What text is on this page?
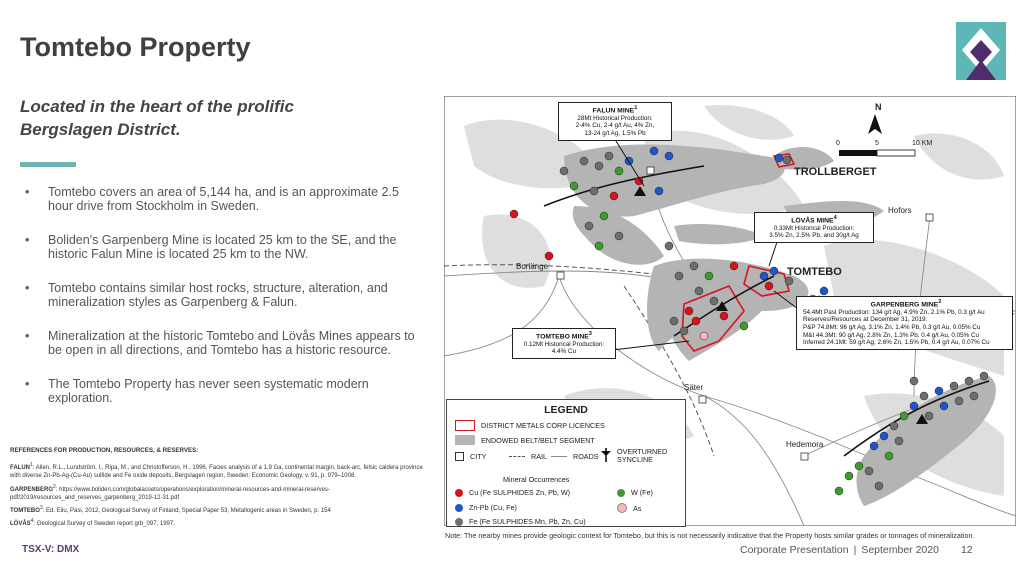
Tomtebo Property
Located in the heart of the prolific Bergslagen District.
• Tomtebo covers an area of 5,144 ha, and is an approximate 2.5 hour drive from Stockholm in Sweden.
• Boliden's Garpenberg Mine is located 25 km to the SE, and the historic Falun Mine is located 25 km to the NW.
• Tomtebo contains similar host rocks, structure, alteration, and mineralization styles as Garpenberg & Falun.
• Mineralization at the historic Tomtebo and Lövås Mines appears to be open in all directions, and Tomtebo has a historic resource.
• The Tomtebo Property has never seen systematic modern exploration.
REFERENCES FOR PRODUCTION, RESOURCES, & RESERVES:

FALUN$^1$: Allen, R.L., Lundström, I., Ripa, M., and Christofferson, H., 1996, Facies analysis of a 1.9 Ga, continental margin, back-arc, felsic caldera province with diverse Zn-Pb-Ag-(Cu-Au) sulfide and Fe oxide deposits, Bergslagen region, Sweden: Economic Geology, v. 91, p. 979–1008.

GARPENBERG$^2$: https://www.boliden.com/globalassets/operations/exploration/mineral-resources-and-mineral-reserves-pdf/2019/resources_and_reserves_garpenberg_2019-12-31.pdf

TOMTEBO$^3$: Ed. Eilu, Pasi, 2012, Geological Survey of Finland, Special Paper 53, Metallogenic areas in Sweden, p. 154

LÖVÅS$^4$: Geological Survey of Sweden report grb_097, 1997.

TSX-V: DMX
N
0	5	10 KM
TROLLBERGET
TOMTEBO
Hofors
Borlänge
Säter
Hedemora
FALUN MINE$^1$
28Mt Historical Production:
2-4% Cu, 2-4 g/t Au, 4% Zn,
13-24 g/t Ag, 1.5% Pb
LÖVÅS MINE$^4$
0.33Mt Historical Production:
3.5% Zn, 2.5% Pb, and 30g/t Ag
TOMTEBO MINE$^3$
0.12Mt Historical Production:
4.4% Cu
GARPENBERG MINE$^2$
54.4Mt Past Production: 134 g/t Ag, 4.9% Zn, 2.1% Pb, 0.3 g/t Au
Reserves/Resources at December 31, 2019:
P&P 74.8Mt: 96 g/t Ag, 3.1% Zn, 1.4% Pb, 0.3 g/t Au, 0.05% Cu
M&I 44.3Mt: 90 g/t Ag, 2.8% Zn, 1.3% Pb, 0.4 g/t Au, 0.05% Cu
Inferred 24.1Mt: 59 g/t Ag, 2.6% Zn, 1.5% Pb, 0.4 g/t Au, 0.07% Cu
LEGEND
DISTRICT METALS CORP LICENCES
ENDOWED BELT/BELT SEGMENT
CITY	RAIL	ROADS
OVERTURNED SYNCLINE
Mineral Occurrences
Cu (Fe SULPHIDES Zn, Pb, W)
Zn-Pb (Cu, Fe)
Fe (Fe SULPHIDES Mn, Pb, Zn, Cu)
W (Fe)
As
Note: The nearby mines provide geologic context for Tomtebo, but this is not necessarily indicative that the Property hosts similar grades or tonnages of mineralization.
Corporate Presentation | September 2020 12
